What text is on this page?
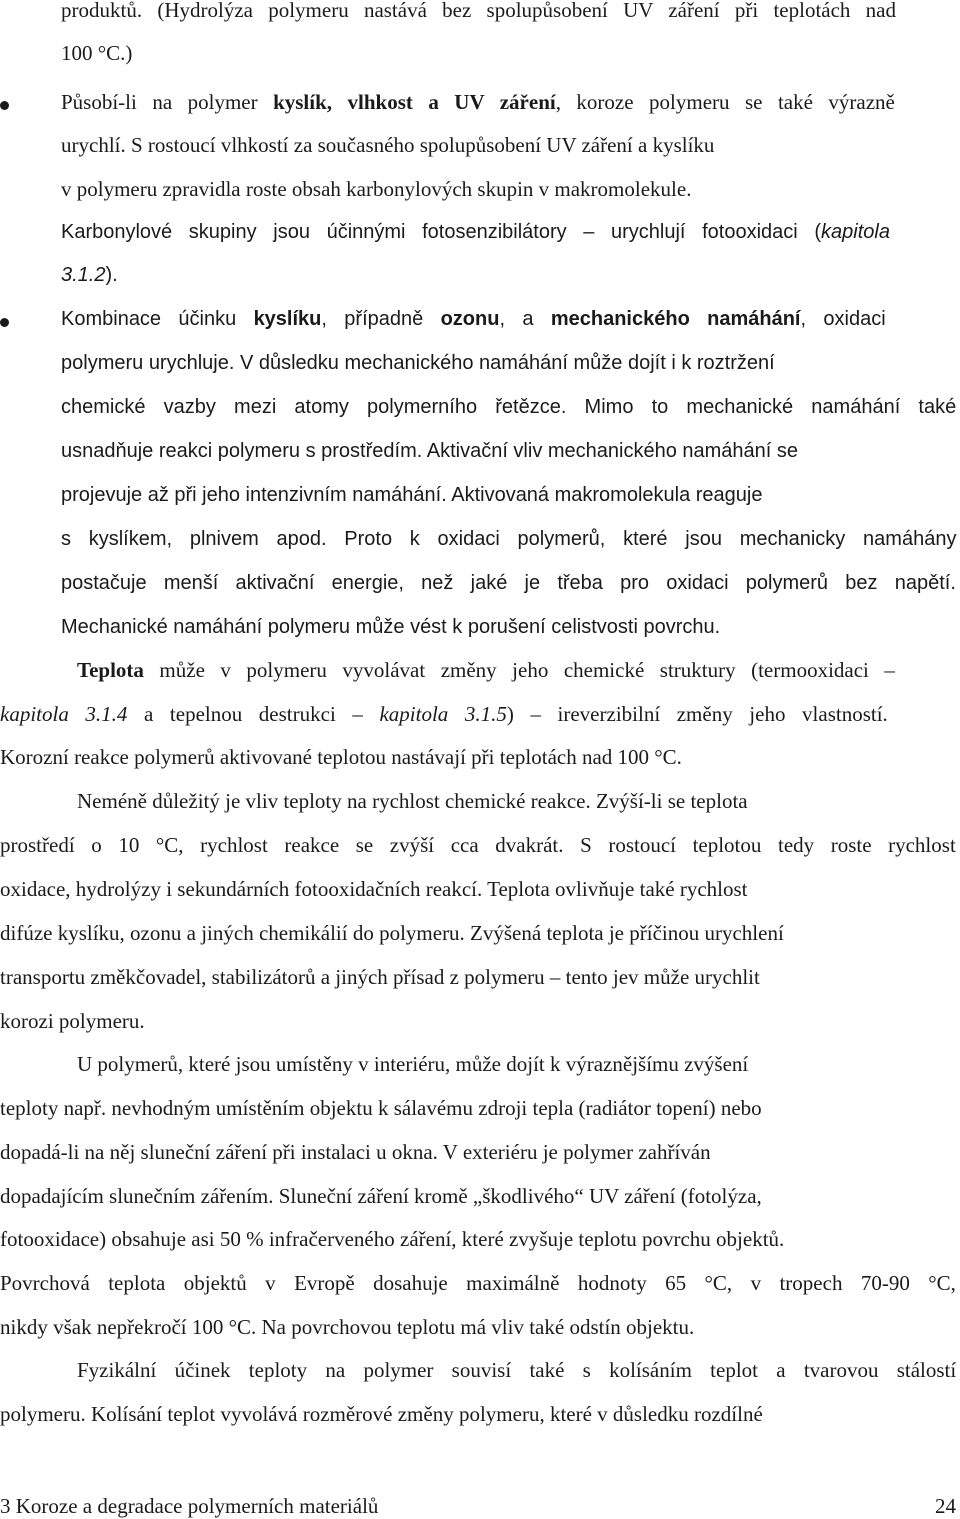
produktů. (Hydrolýza polymeru nastává bez spolupůsobení UV záření při teplotách nad
100 °C.)
Působí-li na polymer kyslík, vlhkost a UV záření, koroze polymeru se také výrazně
urychlí. S rostoucí vlhkostí za současného spolupůsobení UV záření a kyslíku
v polymeru zpravidla roste obsah karbonylových skupin v makromolekule.
Karbonylové skupiny jsou účinnými fotosenzibilátory – urychlují fotooxidaci (kapitola
3.1.2).
Kombinace účinku kyslíku, případně ozonu, a mechanického namáhání, oxidaci
polymeru urychluje. V důsledku mechanického namáhání může dojít i k roztržení
chemické vazby mezi atomy polymerního řetězce. Mimo to mechanické namáhání také
usnadňuje reakci polymeru s prostředím. Aktivační vliv mechanického namáhání se
projevuje až při jeho intenzivním namáhání. Aktivovaná makromolekula reaguje
s kyslíkem, plnivem apod. Proto k oxidaci polymerů, které jsou mechanicky namáhány
postačuje menší aktivační energie, než jaké je třeba pro oxidaci polymerů bez napětí.
Mechanické namáhání polymeru může vést k porušení celistvosti povrchu.
Teplota může v polymeru vyvolávat změny jeho chemické struktury (termooxidaci –
kapitola 3.1.4 a tepelnou destrukci – kapitola 3.1.5) – ireverzibilní změny jeho vlastností.
Korozní reakce polymerů aktivované teplotou nastávají při teplotách nad 100 °C.
Neméně důležitý je vliv teploty na rychlost chemické reakce. Zvýší-li se teplota
prostředí o 10 °C, rychlost reakce se zvýší cca dvakrát. S rostoucí teplotou tedy roste rychlost
oxidace, hydrolýzy i sekundárních fotooxidačních reakcí. Teplota ovlivňuje také rychlost
difúze kyslíku, ozonu a jiných chemikálií do polymeru. Zvýšená teplota je příčinou urychlení
transportu změkčovadel, stabilizátorů a jiných přísad z polymeru – tento jev může urychlit
korozi polymeru.
U polymerů, které jsou umístěny v interiéru, může dojít k výraznějšímu zvýšení
teploty např. nevhodným umístěním objektu k sálavému zdroji tepla (radiátor topení) nebo
dopadá-li na něj sluneční záření při instalaci u okna. V exteriéru je polymer zahříván
dopadajícím slunečním zářením. Sluneční záření kromě „škodlivého“ UV záření (fotolýza,
fotooxidace) obsahuje asi 50 % infračerveného záření, které zvyšuje teplotu povrchu objektů.
Povrchová teplota objektů v Evropě dosahuje maximálně hodnoty 65 °C, v tropech 70-90 °C,
nikdy však nepřekročí 100 °C. Na povrchovou teplotu má vliv také odstín objektu.
Fyzikální účinek teploty na polymer souvisí také s kolísáním teplot a tvarovou stálostí
polymeru. Kolísání teplot vyvolává rozměrové změny polymeru, které v důsledku rozdílné
3 Koroze a degradace polymerních materiálů	24
